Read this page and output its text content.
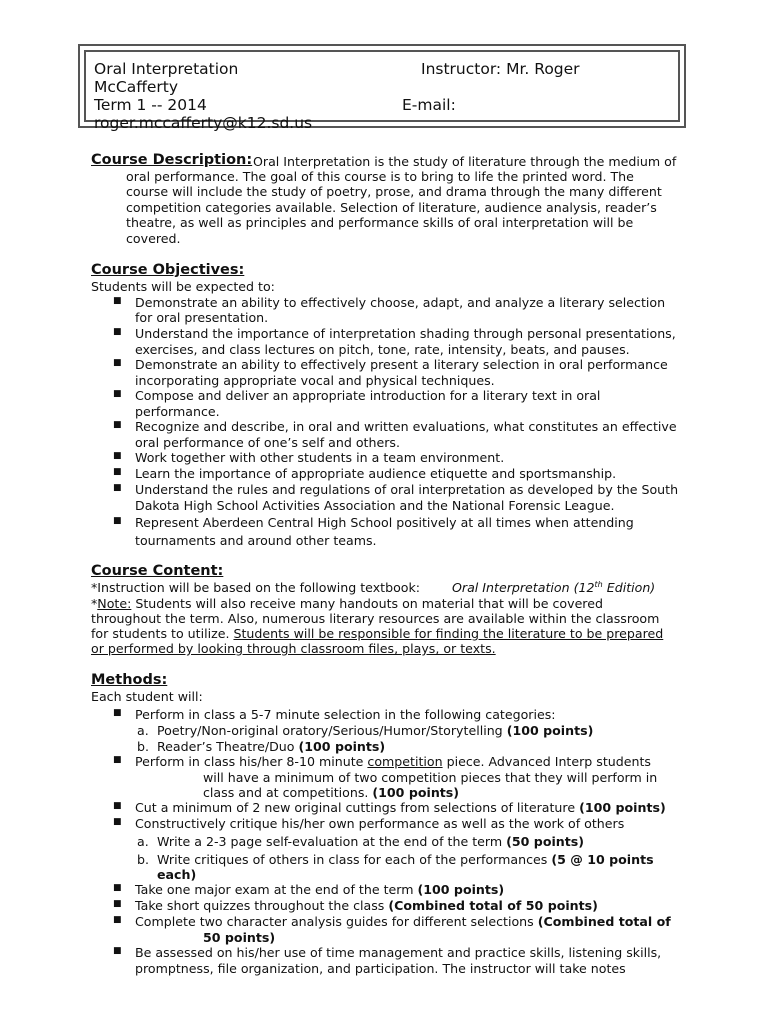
Oral Interpretation	Instructor: Mr. Roger
McCafferty
Term 1 -- 2014	E-mail:
roger.mccafferty@k12.sd.us
Course Description: Oral Interpretation is the study of literature through the medium of
oral performance. The goal of this course is to bring to life the printed word. The
course will include the study of poetry, prose, and drama through the many different
competition categories available. Selection of literature, audience analysis, reader’s
theatre, as well as principles and performance skills of oral interpretation will be
covered.
Course Objectives:
Students will be expected to:
■ Demonstrate an ability to effectively choose, adapt, and analyze a literary selection
for oral presentation.
■ Understand the importance of interpretation shading through personal presentations,
exercises, and class lectures on pitch, tone, rate, intensity, beats, and pauses.
■ Demonstrate an ability to effectively present a literary selection in oral performance
incorporating appropriate vocal and physical techniques.
■ Compose and deliver an appropriate introduction for a literary text in oral
performance.
■ Recognize and describe, in oral and written evaluations, what constitutes an effective
oral performance of one’s self and others.
■ Work together with other students in a team environment.
■ Learn the importance of appropriate audience etiquette and sportsmanship.
■ Understand the rules and regulations of oral interpretation as developed by the South
Dakota High School Activities Association and the National Forensic League.
■ Represent Aberdeen Central High School positively at all times when attending
tournaments and around other teams.
Course Content:
*Instruction will be based on the following textbook:	Oral Interpretation (12th Edition)
*Note: Students will also receive many handouts on material that will be covered
throughout the term. Also, numerous literary resources are available within the classroom
for students to utilize. Students will be responsible for finding the literature to be prepared
or performed by looking through classroom files, plays, or texts.
Methods:
Each student will:
■ Perform in class a 5-7 minute selection in the following categories:
a. Poetry/Non-original oratory/Serious/Humor/Storytelling (100 points)
b. Reader’s Theatre/Duo (100 points)
■ Perform in class his/her 8-10 minute competition piece. Advanced Interp students
will have a minimum of two competition pieces that they will perform in
class and at competitions. (100 points)
■ Cut a minimum of 2 new original cuttings from selections of literature (100 points)
■ Constructively critique his/her own performance as well as the work of others
a. Write a 2-3 page self-evaluation at the end of the term (50 points)
b. Write critiques of others in class for each of the performances (5 @ 10 points
each)
■ Take one major exam at the end of the term (100 points)
■ Take short quizzes throughout the class (Combined total of 50 points)
■ Complete two character analysis guides for different selections (Combined total of
50 points)
■ Be assessed on his/her use of time management and practice skills, listening skills,
promptness, file organization, and participation. The instructor will take notes
